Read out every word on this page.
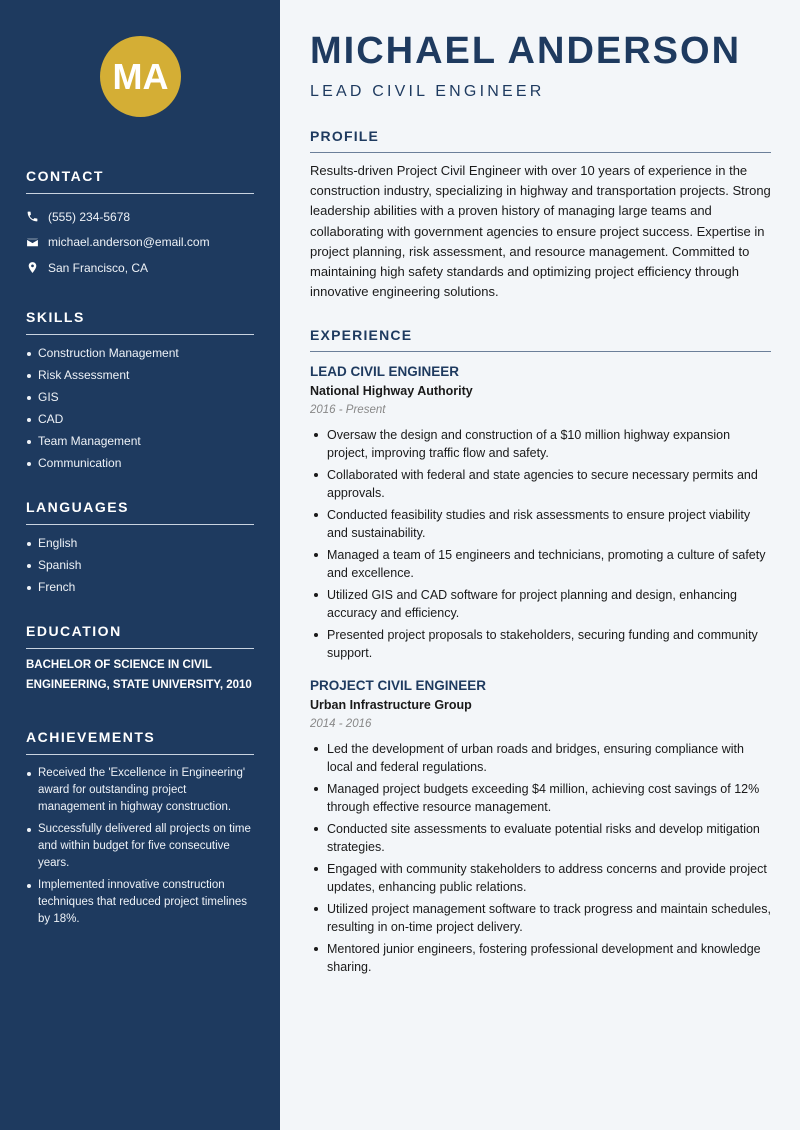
MA
CONTACT
(555) 234-5678
michael.anderson@email.com
San Francisco, CA
SKILLS
Construction Management
Risk Assessment
GIS
CAD
Team Management
Communication
LANGUAGES
English
Spanish
French
EDUCATION
BACHELOR OF SCIENCE IN CIVIL ENGINEERING, STATE UNIVERSITY, 2010
ACHIEVEMENTS
Received the 'Excellence in Engineering' award for outstanding project management in highway construction.
Successfully delivered all projects on time and within budget for five consecutive years.
Implemented innovative construction techniques that reduced project timelines by 18%.
MICHAEL ANDERSON
LEAD CIVIL ENGINEER
PROFILE

Results-driven Project Civil Engineer with over 10 years of experience in the construction industry, specializing in highway and transportation projects. Strong leadership abilities with a proven history of managing large teams and collaborating with government agencies to ensure project success. Expertise in project planning, risk assessment, and resource management. Committed to maintaining high safety standards and optimizing project efficiency through innovative engineering solutions.

EXPERIENCE
LEAD CIVIL ENGINEER
National Highway Authority
2016 - Present
Oversaw the design and construction of a $10 million highway expansion project, improving traffic flow and safety.
Collaborated with federal and state agencies to secure necessary permits and approvals.
Conducted feasibility studies and risk assessments to ensure project viability and sustainability.
Managed a team of 15 engineers and technicians, promoting a culture of safety and excellence.
Utilized GIS and CAD software for project planning and design, enhancing accuracy and efficiency.
Presented project proposals to stakeholders, securing funding and community support.
PROJECT CIVIL ENGINEER
Urban Infrastructure Group
2014 - 2016
Led the development of urban roads and bridges, ensuring compliance with local and federal regulations.
Managed project budgets exceeding $4 million, achieving cost savings of 12% through effective resource management.
Conducted site assessments to evaluate potential risks and develop mitigation strategies.
Engaged with community stakeholders to address concerns and provide project updates, enhancing public relations.
Utilized project management software to track progress and maintain schedules, resulting in on-time project delivery.
Mentored junior engineers, fostering professional development and knowledge sharing.
